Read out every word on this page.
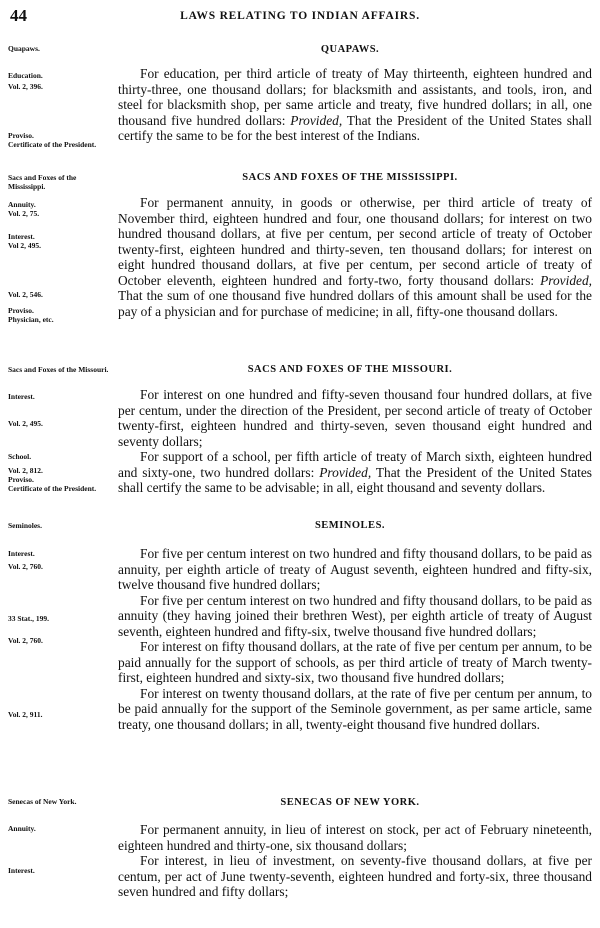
44	LAWS RELATING TO INDIAN AFFAIRS.
Quapaws.	QUAPAWS.
Education.
Vol. 2, 396.
Proviso.
Certificate of the President.

For education, per third article of treaty of May thirteenth, eighteen hundred and thirty-three, one thousand dollars; for blacksmith and assistants, and tools, iron, and steel for blacksmith shop, per same article and treaty, five hundred dollars; in all, one thousand five hundred dollars: Provided, That the President of the United States shall certify the same to be for the best interest of the Indians.

Sacs and Foxes of the Mississippi.
SACS AND FOXES OF THE MISSISSIPPI.
Annuity.
Vol. 2, 75.
Interest.
Vol 2, 495.
Vol. 2, 546.
Proviso.
Physician, etc.

For permanent annuity, in goods or otherwise, per third article of treaty of November third, eighteen hundred and four, one thousand dollars; for interest on two hundred thousand dollars, at five per centum, per second article of treaty of October twenty-first, eighteen hundred and thirty-seven, ten thousand dollars; for interest on eight hundred thousand dollars, at five per centum, per second article of treaty of October eleventh, eighteen hundred and forty-two, forty thousand dollars: Provided, That the sum of one thousand five hundred dollars of this amount shall be used for the pay of a physician and for purchase of medicine; in all, fifty-one thousand dollars.

Sacs and Foxes of the Missouri.	SACS AND FOXES OF THE MISSOURI.
Interest.
Vol. 2, 495.
School.
Vol. 2, 812.
Proviso.
Certificate of the President.

For interest on one hundred and fifty-seven thousand four hundred dollars, at five per centum, under the direction of the President, per second article of treaty of October twenty-first, eighteen hundred and thirty-seven, seven thousand eight hundred and seventy dollars;

For support of a school, per fifth article of treaty of March sixth, eighteen hundred and sixty-one, two hundred dollars: Provided, That the President of the United States shall certify the same to be advisable; in all, eight thousand and seventy dollars.

Seminoles.	SEMINOLES.
Interest.
Vol. 2, 760.
33 Stat., 199.
Vol. 2, 760.
Vol. 2, 911.

For five per centum interest on two hundred and fifty thousand dollars, to be paid as annuity, per eighth article of treaty of August seventh, eighteen hundred and fifty-six, twelve thousand five hundred dollars;

For five per centum interest on two hundred and fifty thousand dollars, to be paid as annuity (they having joined their brethren West), per eighth article of treaty of August seventh, eighteen hundred and fifty-six, twelve thousand five hundred dollars;

For interest on fifty thousand dollars, at the rate of five per centum per annum, to be paid annually for the support of schools, as per third article of treaty of March twenty-first, eighteen hundred and sixty-six, two thousand five hundred dollars;

For interest on twenty thousand dollars, at the rate of five per centum per annum, to be paid annually for the support of the Seminole government, as per same article, same treaty, one thousand dollars; in all, twenty-eight thousand five hundred dollars.

Senecas of New York.	SENECAS OF NEW YORK.
Annuity.
Interest.

For permanent annuity, in lieu of interest on stock, per act of February nineteenth, eighteen hundred and thirty-one, six thousand dollars;

For interest, in lieu of investment, on seventy-five thousand dollars, at five per centum, per act of June twenty-seventh, eighteen hundred and forty-six, three thousand seven hundred and fifty dollars;
